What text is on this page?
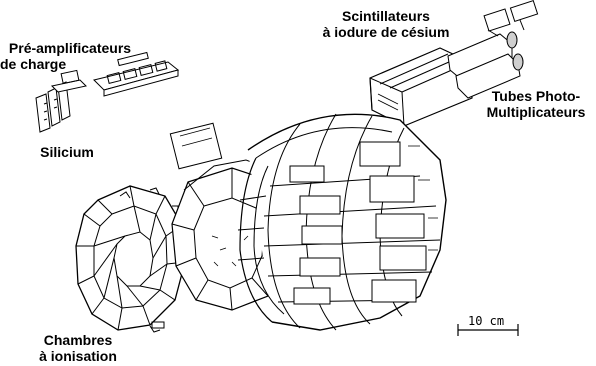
Pré-amplificateurs
de charge
Scintillateurs
à iodure de césium
Tubes Photo-
Multiplicateurs
Silicium
Chambres
à ionisation
10 cm
